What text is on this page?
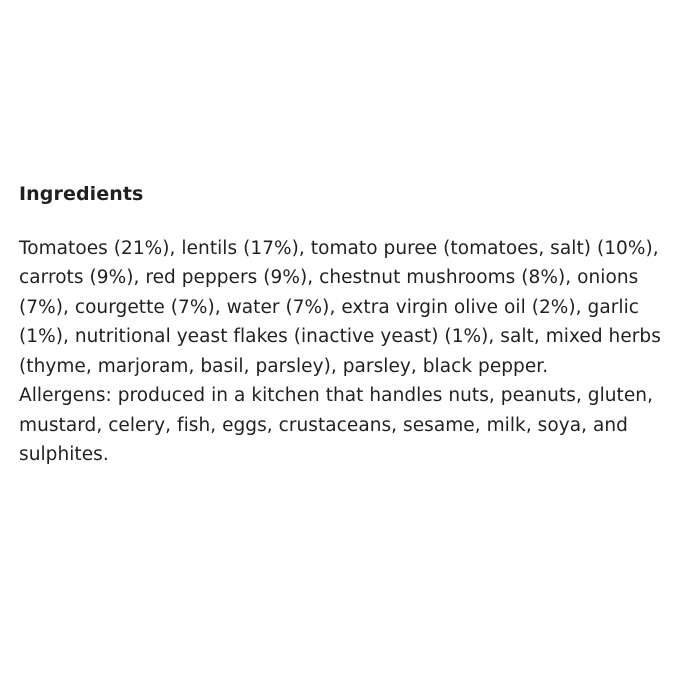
Ingredients

Tomatoes (21%), lentils (17%), tomato puree (tomatoes, salt) (10%), carrots (9%), red peppers (9%), chestnut mushrooms (8%), onions (7%), courgette (7%), water (7%), extra virgin olive oil (2%), garlic (1%), nutritional yeast flakes (inactive yeast) (1%), salt, mixed herbs (thyme, marjoram, basil, parsley), parsley, black pepper.

Allergens: produced in a kitchen that handles nuts, peanuts, gluten, mustard, celery, fish, eggs, crustaceans, sesame, milk, soya, and sulphites.
